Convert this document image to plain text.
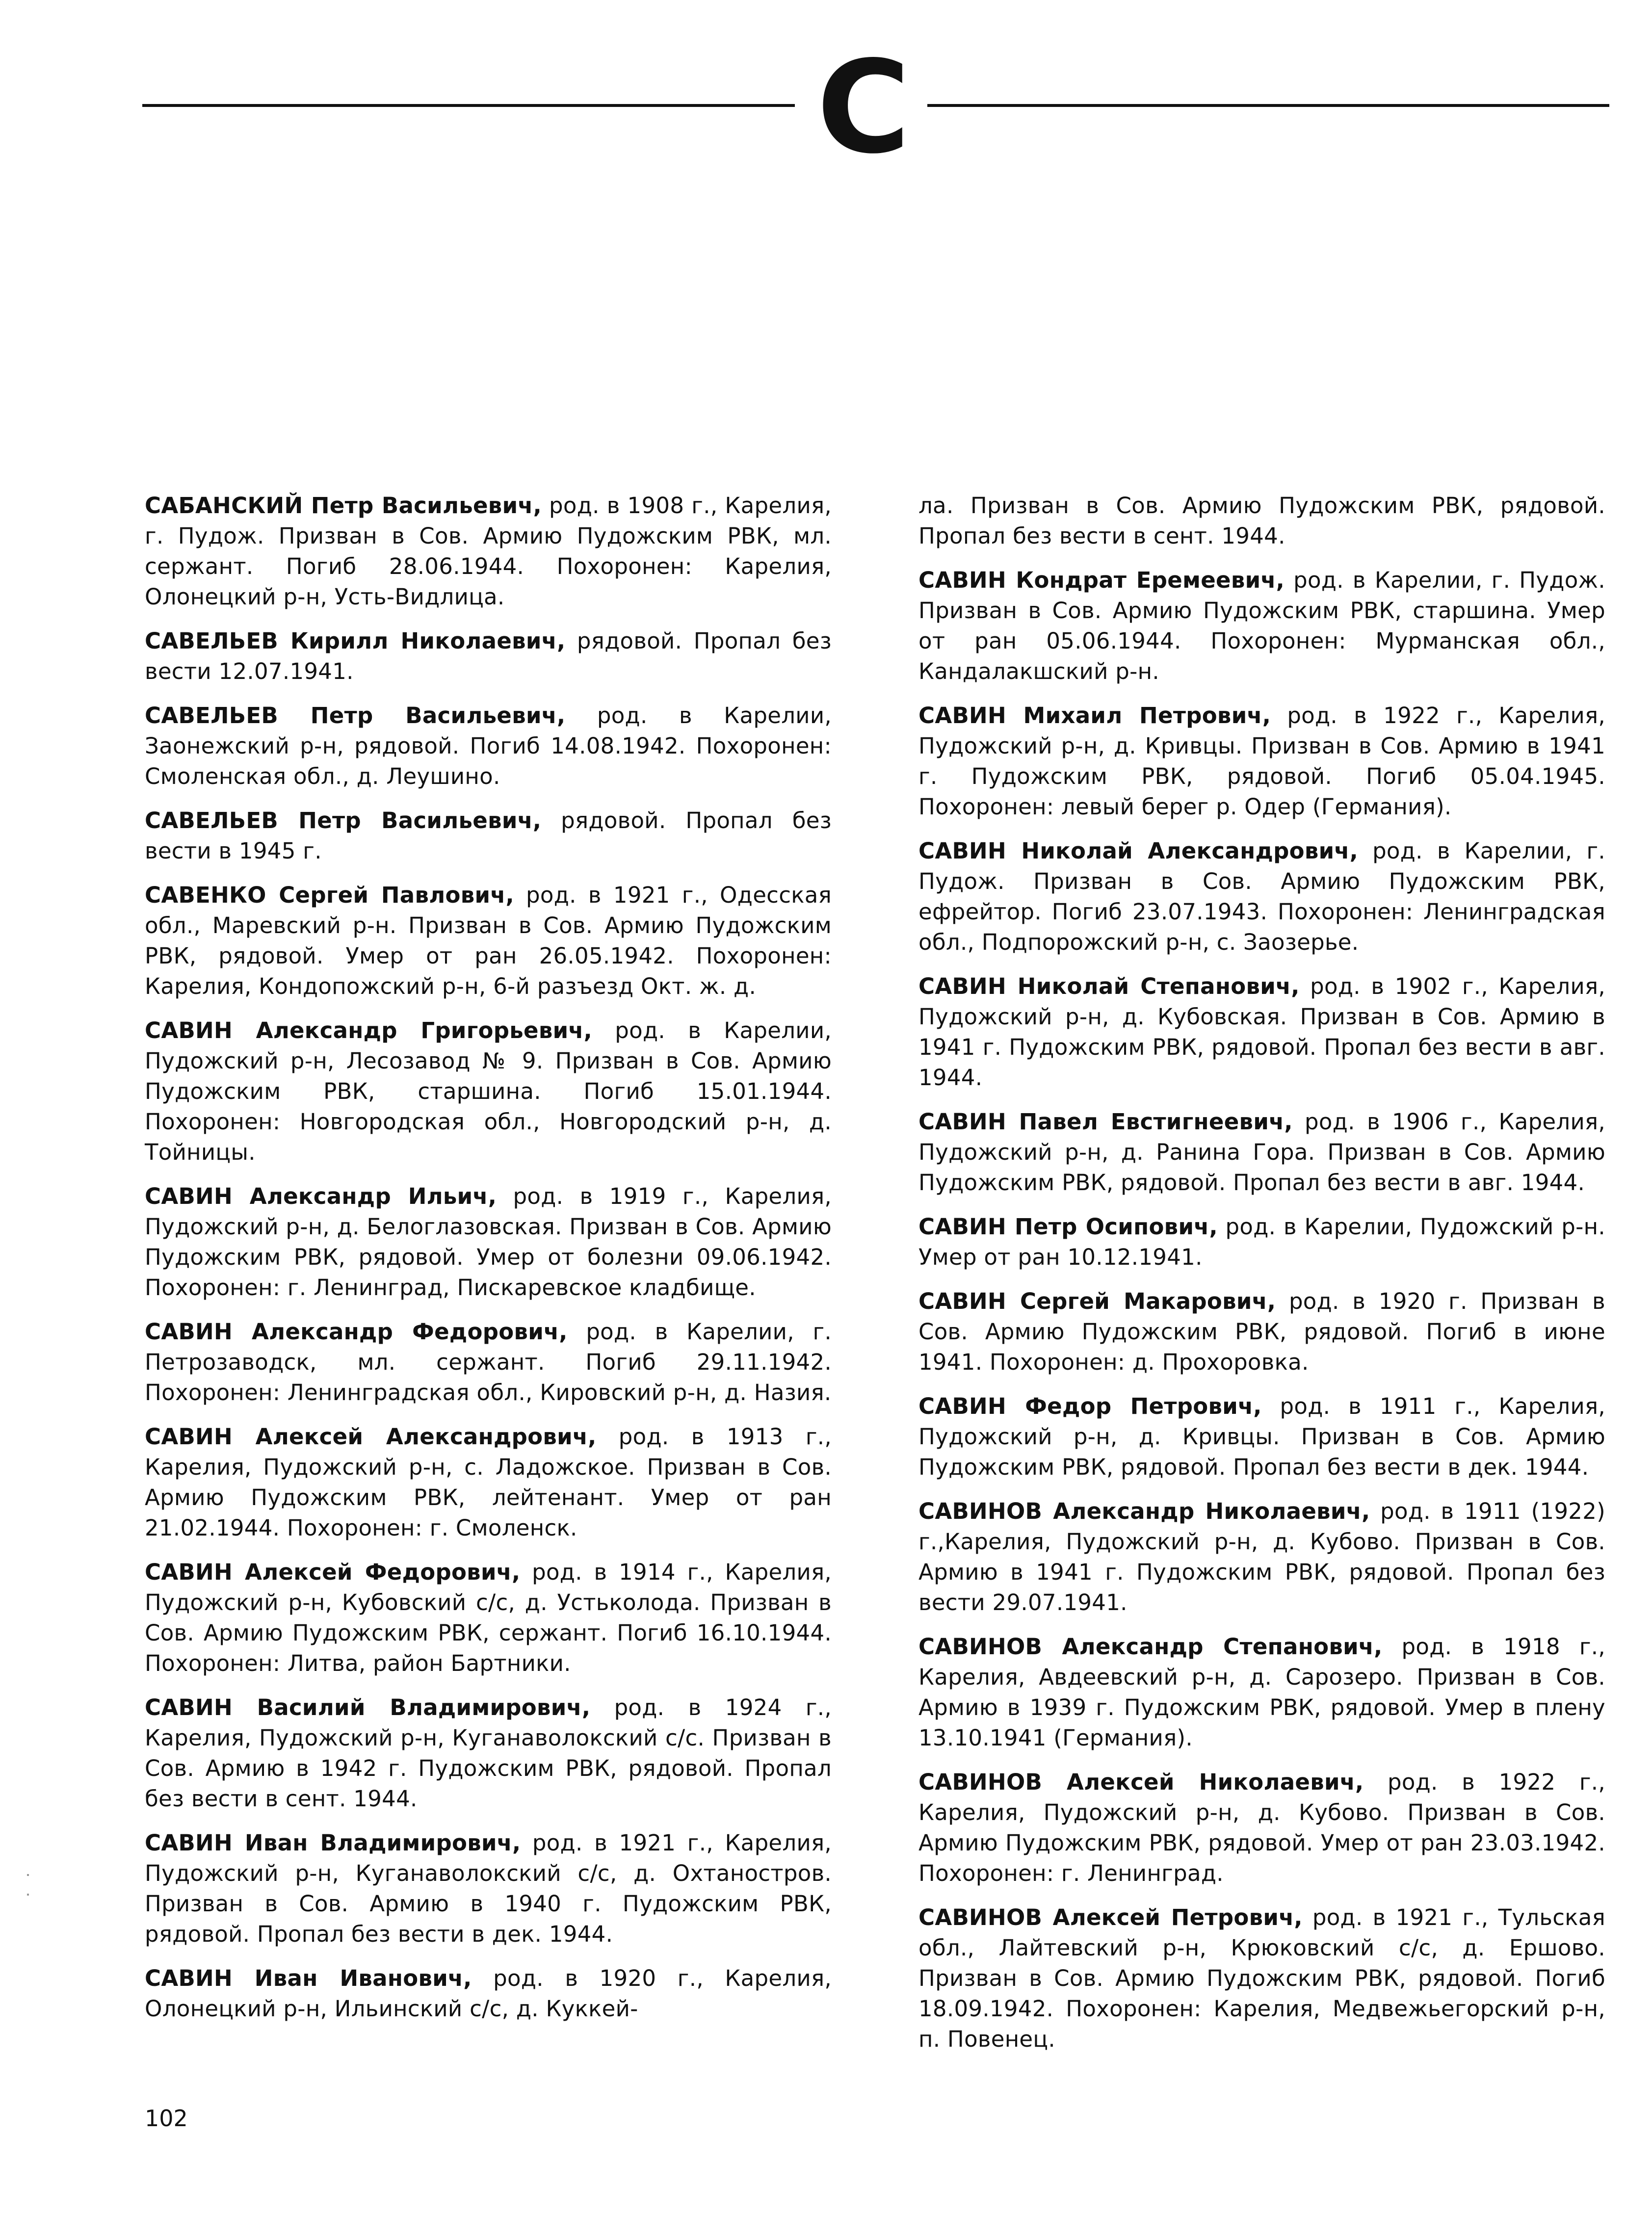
С

САБАНСКИЙ Петр Васильевич, род. в 1908 г., Карелия, г. Пудож. Призван в Сов. Армию Пудожским РВК, мл. сержант. Погиб 28.06.1944. Похоронен: Карелия, Олонецкий р-н, Усть-Видлица.

САВЕЛЬЕВ Кирилл Николаевич, рядовой. Пропал без вести 12.07.1941.

САВЕЛЬЕВ Петр Васильевич, род. в Карелии, Заонежский р-н, рядовой. Погиб 14.08.1942. Похоронен: Смоленская обл., д. Леушино.

САВЕЛЬЕВ Петр Васильевич, рядовой. Пропал без вести в 1945 г.

САВЕНКО Сергей Павлович, род. в 1921 г., Одесская обл., Маревский р-н. Призван в Сов. Армию Пудожским РВК, рядовой. Умер от ран 26.05.1942. Похоронен: Карелия, Кондопожский р-н, 6-й разъезд Окт. ж. д.

САВИН Александр Григорьевич, род. в Карелии, Пудожский р-н, Лесозавод № 9. Призван в Сов. Армию Пудожским РВК, старшина. Погиб 15.01.1944. Похоронен: Новгородская обл., Новгородский р-н, д. Тойницы.

САВИН Александр Ильич, род. в 1919 г., Карелия, Пудожский р-н, д. Белоглазовская. Призван в Сов. Армию Пудожским РВК, рядовой. Умер от болезни 09.06.1942. Похоронен: г. Ленинград, Пискаревское кладбище.

САВИН Александр Федорович, род. в Карелии, г. Петрозаводск, мл. сержант. Погиб 29.11.1942. Похоронен: Ленинградская обл., Кировский р-н, д. Назия.

САВИН Алексей Александрович, род. в 1913 г., Карелия, Пудожский р-н, с. Ладожское. Призван в Сов. Армию Пудожским РВК, лейтенант. Умер от ран 21.02.1944. Похоронен: г. Смоленск.

САВИН Алексей Федорович, род. в 1914 г., Карелия, Пудожский р-н, Кубовский с/с, д. Устьколода. Призван в Сов. Армию Пудожским РВК, сержант. Погиб 16.10.1944. Похоронен: Литва, район Бартники.

САВИН Василий Владимирович, род. в 1924 г., Карелия, Пудожский р-н, Куганаволокский с/с. Призван в Сов. Армию в 1942 г. Пудожским РВК, рядовой. Пропал без вести в сент. 1944.

САВИН Иван Владимирович, род. в 1921 г., Карелия, Пудожский р-н, Куганаволокский с/с, д. Охтаностров. Призван в Сов. Армию в 1940 г. Пудожским РВК, рядовой. Пропал без вести в дек. 1944.

САВИН Иван Иванович, род. в 1920 г., Карелия, Олонецкий р-н, Ильинский с/с, д. Куккей-

ла. Призван в Сов. Армию Пудожским РВК, рядовой. Пропал без вести в сент. 1944.

САВИН Кондрат Еремеевич, род. в Карелии, г. Пудож. Призван в Сов. Армию Пудожским РВК, старшина. Умер от ран 05.06.1944. Похоронен: Мурманская обл., Кандалакшский р-н.

САВИН Михаил Петрович, род. в 1922 г., Карелия, Пудожский р-н, д. Кривцы. Призван в Сов. Армию в 1941 г. Пудожским РВК, рядовой. Погиб 05.04.1945. Похоронен: левый берег р. Одер (Германия).

САВИН Николай Александрович, род. в Карелии, г. Пудож. Призван в Сов. Армию Пудожским РВК, ефрейтор. Погиб 23.07.1943. Похоронен: Ленинградская обл., Подпорожский р-н, с. Заозерье.

САВИН Николай Степанович, род. в 1902 г., Карелия, Пудожский р-н, д. Кубовская. Призван в Сов. Армию в 1941 г. Пудожским РВК, рядовой. Пропал без вести в авг. 1944.

САВИН Павел Евстигнеевич, род. в 1906 г., Карелия, Пудожский р-н, д. Ранина Гора. Призван в Сов. Армию Пудожским РВК, рядовой. Пропал без вести в авг. 1944.

САВИН Петр Осипович, род. в Карелии, Пудожский р-н. Умер от ран 10.12.1941.

САВИН Сергей Макарович, род. в 1920 г. Призван в Сов. Армию Пудожским РВК, рядовой. Погиб в июне 1941. Похоронен: д. Прохоровка.

САВИН Федор Петрович, род. в 1911 г., Карелия, Пудожский р-н, д. Кривцы. Призван в Сов. Армию Пудожским РВК, рядовой. Пропал без вести в дек. 1944.

САВИНОВ Александр Николаевич, род. в 1911 (1922) г.,Карелия, Пудожский р-н, д. Кубово. Призван в Сов. Армию в 1941 г. Пудожским РВК, рядовой. Пропал без вести 29.07.1941.

САВИНОВ Александр Степанович, род. в 1918 г., Карелия, Авдеевский р-н, д. Сарозеро. Призван в Сов. Армию в 1939 г. Пудожским РВК, рядовой. Умер в плену 13.10.1941 (Германия).

САВИНОВ Алексей Николаевич, род. в 1922 г., Карелия, Пудожский р-н, д. Кубово. Призван в Сов. Армию Пудожским РВК, рядовой. Умер от ран 23.03.1942. Похоронен: г. Ленинград.

САВИНОВ Алексей Петрович, род. в 1921 г., Тульская обл., Лайтевский р-н, Крюковский с/с, д. Ершово. Призван в Сов. Армию Пудожским РВК, рядовой. Погиб 18.09.1942. Похоронен: Карелия, Медвежьегорский р-н, п. Повенец.

102
